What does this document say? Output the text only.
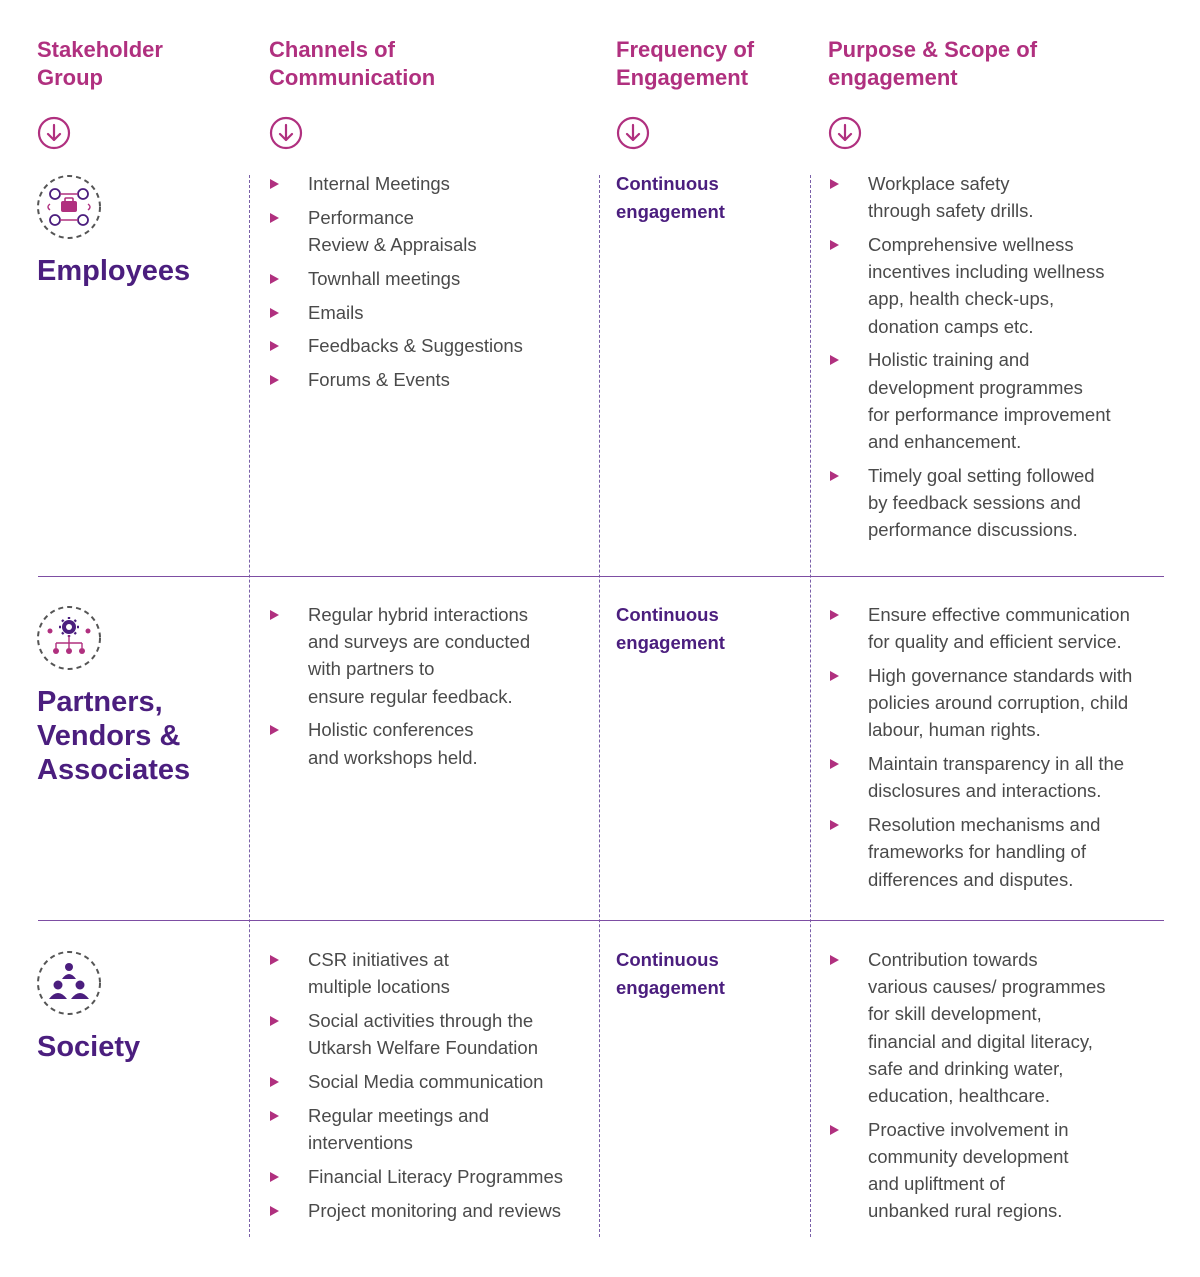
Stakeholder
Group
Channels of
Communication
Frequency of
Engagement
Purpose & Scope of
engagement
Employees
Internal Meetings
Performance
Review & Appraisals
Townhall meetings
Emails
Feedbacks & Suggestions
Forums & Events
Continuous
engagement
Workplace safety
through safety drills.
Comprehensive wellness
incentives including wellness
app, health check-ups,
donation camps etc.
Holistic training and
development programmes
for performance improvement
and enhancement.
Timely goal setting followed
by feedback sessions and
performance discussions.
Partners,
Vendors &
Associates
Regular hybrid interactions
and surveys are conducted
with partners to
ensure regular feedback.
Holistic conferences
and workshops held.
Continuous
engagement
Ensure effective communication
for quality and efficient service.
High governance standards with
policies around corruption, child
labour, human rights.
Maintain transparency in all the
disclosures and interactions.
Resolution mechanisms and
frameworks for handling of
differences and disputes.
Society
CSR initiatives at
multiple locations
Social activities through the
Utkarsh Welfare Foundation
Social Media communication
Regular meetings and
interventions
Financial Literacy Programmes
Project monitoring and reviews
Continuous
engagement
Contribution towards
various causes/ programmes
for skill development,
financial and digital literacy,
safe and drinking water,
education, healthcare.
Proactive involvement in
community development
and upliftment of
unbanked rural regions.
